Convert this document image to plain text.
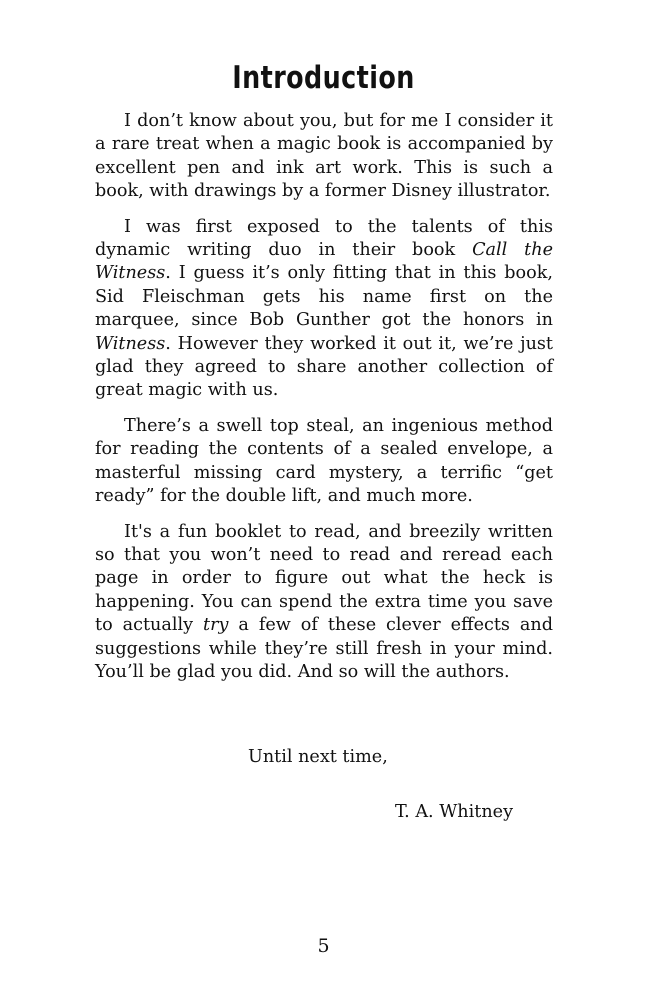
Introduction

I don’t know about you, but for me I consider it a rare treat when a magic book is accompanied by excellent pen and ink art work. This is such a book, with drawings by a former Disney illustrator.

I was first exposed to the talents of this dynamic writing duo in their book Call the Witness. I guess it’s only fitting that in this book, Sid Fleischman gets his name first on the marquee, since Bob Gunther got the honors in Witness. However they worked it out it, we’re just glad they agreed to share another collection of great magic with us.

There’s a swell top steal, an ingenious method for reading the contents of a sealed envelope, a masterful missing card mystery, a terrific “get ready” for the double lift, and much more.

It's a fun booklet to read, and breezily written so that you won’t need to read and reread each page in order to figure out what the heck is happening. You can spend the extra time you save to actually try a few of these clever effects and suggestions while they’re still fresh in your mind. You’ll be glad you did. And so will the authors.

Until next time,
T. A. Whitney
5
